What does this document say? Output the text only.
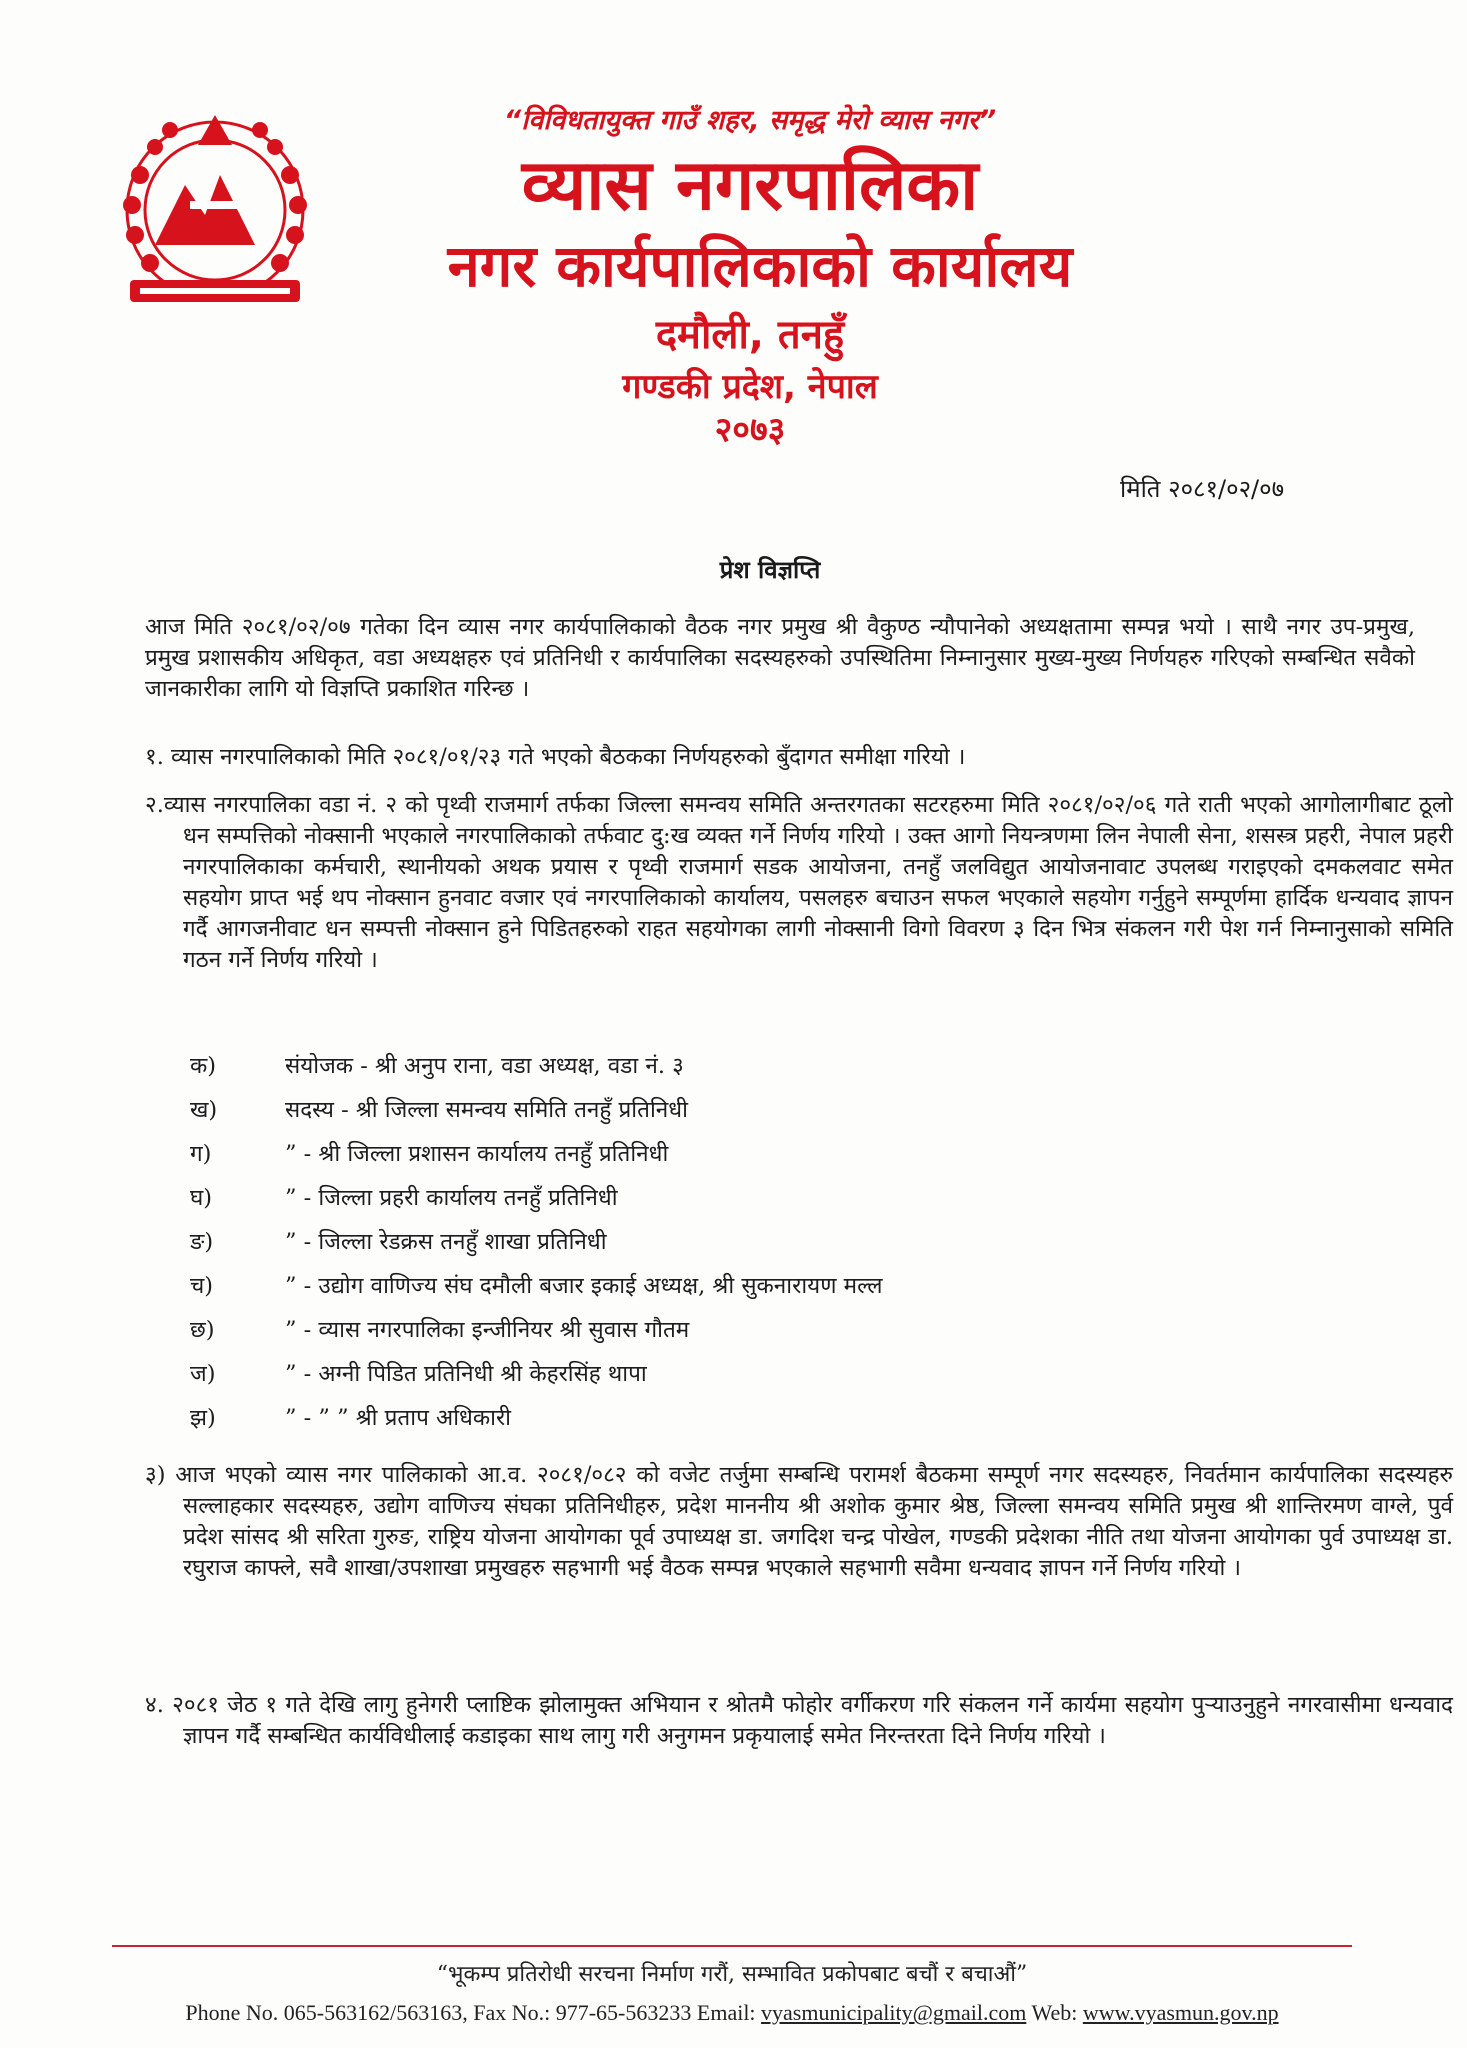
“विविधतायुक्त गाउँ शहर, समृद्ध मेरो व्यास नगर”
व्यास नगरपालिका
नगर कार्यपालिकाको कार्यालय
दमौली, तनहुँ
गण्डकी प्रदेश, नेपाल
२०७३
मिति २०८१/०२/०७
प्रेश विज्ञप्ति
आज मिति २०८१/०२/०७ गतेका दिन व्यास नगर कार्यपालिकाको वैठक नगर प्रमुख श्री वैकुण्ठ न्यौपानेको अध्यक्षतामा सम्पन्न भयो । साथै नगर उप-प्रमुख, प्रमुख प्रशासकीय अधिकृत, वडा अध्यक्षहरु एवं प्रतिनिधी र कार्यपालिका सदस्यहरुको उपस्थितिमा निम्नानुसार मुख्य-मुख्य निर्णयहरु गरिएको सम्बन्धित सवैको जानकारीका लागि यो विज्ञप्ति प्रकाशित गरिन्छ ।
१. व्यास नगरपालिकाको मिति २०८१/०१/२३ गते भएको बैठकका निर्णयहरुको बुँदागत समीक्षा गरियो ।
२.व्यास नगरपालिका वडा नं. २ को पृथ्वी राजमार्ग तर्फका जिल्ला समन्वय समिति अन्तरगतका सटरहरुमा मिति २०८१/०२/०६ गते राती भएको आगोलागीबाट ठूलो धन सम्पत्तिको नोक्सानी भएकाले नगरपालिकाको तर्फवाट दु:ख व्यक्त गर्ने निर्णय गरियो । उक्त आगो नियन्त्रणमा लिन नेपाली सेना, शसस्त्र प्रहरी, नेपाल प्रहरी नगरपालिकाका कर्मचारी, स्थानीयको अथक प्रयास र पृथ्वी राजमार्ग सडक आयोजना, तनहुँ जलविद्युत आयोजनावाट उपलब्ध गराइएको दमकलवाट समेत सहयोग प्राप्त भई थप नोक्सान हुनवाट वजार एवं नगरपालिकाको कार्यालय, पसलहरु बचाउन सफल भएकाले सहयोग गर्नुहुने सम्पूर्णमा हार्दिक धन्यवाद ज्ञापन गर्दै आगजनीवाट धन सम्पत्ती नोक्सान हुने पिडितहरुको राहत सहयोगका लागी नोक्सानी विगो विवरण ३ दिन भित्र संकलन गरी पेश गर्न निम्नानुसाको समिति गठन गर्ने निर्णय गरियो ।
क)	संयोजक - श्री अनुप राना, वडा अध्यक्ष, वडा नं. ३
ख)	सदस्य - श्री जिल्ला समन्वय समिति तनहुँ प्रतिनिधी
ग)	” - श्री जिल्ला प्रशासन कार्यालय तनहुँ प्रतिनिधी
घ)	” - जिल्ला प्रहरी कार्यालय तनहुँ प्रतिनिधी
ङ)	” - जिल्ला रेडक्रस तनहुँ शाखा प्रतिनिधी
च)	” - उद्योग वाणिज्य संघ दमौली बजार इकाई अध्यक्ष, श्री सुकनारायण मल्ल
छ)	” - व्यास नगरपालिका इन्जीनियर श्री सुवास गौतम
ज)	” - अग्नी पिडित प्रतिनिधी श्री केहरसिंह थापा
झ)	” - ” ” श्री प्रताप अधिकारी
३) आज भएको व्यास नगर पालिकाको आ.व. २०८१/०८२ को वजेट तर्जुमा सम्बन्धि परामर्श बैठकमा सम्पूर्ण नगर सदस्यहरु, निवर्तमान कार्यपालिका सदस्यहरु सल्लाहकार सदस्यहरु, उद्योग वाणिज्य संघका प्रतिनिधीहरु, प्रदेश माननीय श्री अशोक कुमार श्रेष्ठ, जिल्ला समन्वय समिति प्रमुख श्री शान्तिरमण वाग्ले, पुर्व प्रदेश सांसद श्री सरिता गुरुङ, राष्ट्रिय योजना आयोगका पूर्व उपाध्यक्ष डा. जगदिश चन्द्र पोखेल, गण्डकी प्रदेशका नीति तथा योजना आयोगका पुर्व उपाध्यक्ष डा. रघुराज काफ्ले, सवै शाखा/उपशाखा प्रमुखहरु सहभागी भई वैठक सम्पन्न भएकाले सहभागी सवैमा धन्यवाद ज्ञापन गर्ने निर्णय गरियो ।
४. २०८१ जेठ १ गते देखि लागु हुनेगरी प्लाष्टिक झोलामुक्त अभियान र श्रोतमै फोहोर वर्गीकरण गरि संकलन गर्ने कार्यमा सहयोग पुऱ्याउनुहुने नगरवासीमा धन्यवाद ज्ञापन गर्दै सम्बन्धित कार्यविधीलाई कडाइका साथ लागु गरी अनुगमन प्रकृयालाई समेत निरन्तरता दिने निर्णय गरियो ।
“भूकम्प प्रतिरोधी सरचना निर्माण गरौं, सम्भावित प्रकोपबाट बचौं र बचाऔं”
Phone No. 065-563162/563163, Fax No.: 977-65-563233 Email: vyasmunicipality@gmail.com Web: www.vyasmun.gov.np
